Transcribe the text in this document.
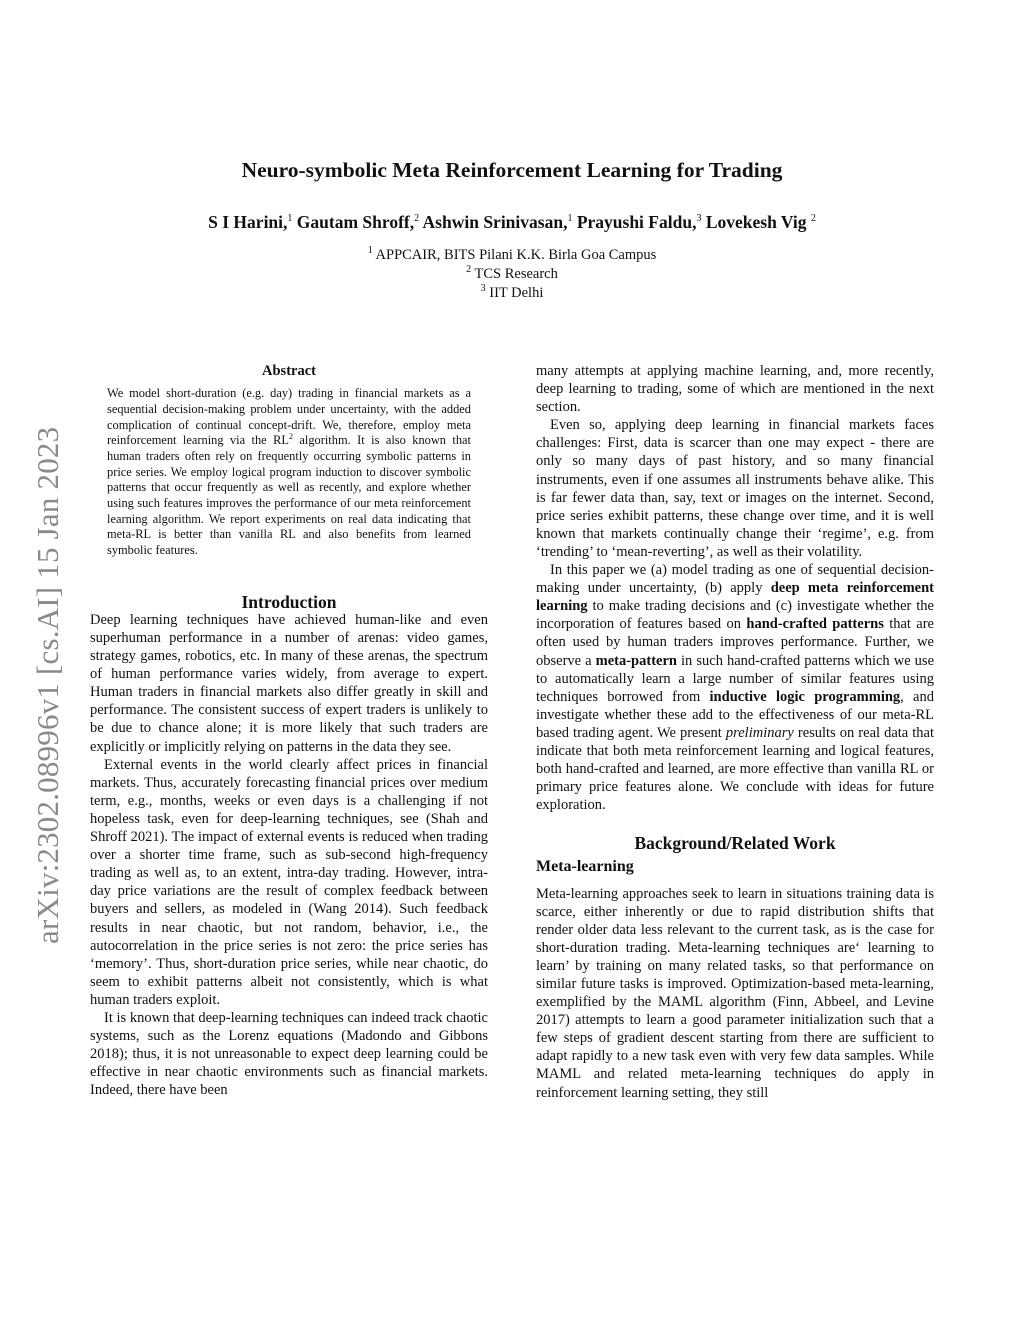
arXiv:2302.08996v1 [cs.AI] 15 Jan 2023
Neuro-symbolic Meta Reinforcement Learning for Trading
S I Harini,$^1$ Gautam Shroff,$^2$ Ashwin Srinivasan,$^1$ Prayushi Faldu,$^3$ Lovekesh Vig $^2$
$^1$ APPCAIR, BITS Pilani K.K. Birla Goa Campus
$^2$ TCS Research
$^3$ IIT Delhi
Abstract

We model short-duration (e.g. day) trading in financial markets as a sequential decision-making problem under uncertainty, with the added complication of continual concept-drift. We, therefore, employ meta reinforcement learning via the $RL^2$ algorithm. It is also known that human traders often rely on frequently occurring symbolic patterns in price series. We employ logical program induction to discover symbolic patterns that occur frequently as well as recently, and explore whether using such features improves the performance of our meta reinforcement learning algorithm. We report experiments on real data indicating that meta-RL is better than vanilla RL and also benefits from learned symbolic features.

Introduction

Deep learning techniques have achieved human-like and even superhuman performance in a number of arenas: video games, strategy games, robotics, etc. In many of these arenas, the spectrum of human performance varies widely, from average to expert. Human traders in financial markets also differ greatly in skill and performance. The consistent success of expert traders is unlikely to be due to chance alone; it is more likely that such traders are explicitly or implicitly relying on patterns in the data they see.

External events in the world clearly affect prices in financial markets. Thus, accurately forecasting financial prices over medium term, e.g., months, weeks or even days is a challenging if not hopeless task, even for deep-learning techniques, see (Shah and Shroff 2021). The impact of external events is reduced when trading over a shorter time frame, such as sub-second high-frequency trading as well as, to an extent, intra-day trading. However, intra-day price variations are the result of complex feedback between buyers and sellers, as modeled in (Wang 2014). Such feedback results in near chaotic, but not random, behavior, i.e., the autocorrelation in the price series is not zero: the price series has ‘memory’. Thus, short-duration price series, while near chaotic, do seem to exhibit patterns albeit not consistently, which is what human traders exploit.

It is known that deep-learning techniques can indeed track chaotic systems, such as the Lorenz equations (Madondo and Gibbons 2018); thus, it is not unreasonable to expect deep learning could be effective in near chaotic environments such as financial markets. Indeed, there have been

many attempts at applying machine learning, and, more recently, deep learning to trading, some of which are mentioned in the next section.

Even so, applying deep learning in financial markets faces challenges: First, data is scarcer than one may expect - there are only so many days of past history, and so many financial instruments, even if one assumes all instruments behave alike. This is far fewer data than, say, text or images on the internet. Second, price series exhibit patterns, these change over time, and it is well known that markets continually change their ‘regime’, e.g. from ‘trending’ to ‘mean-reverting’, as well as their volatility.

In this paper we (a) model trading as one of sequential decision-making under uncertainty, (b) apply deep meta reinforcement learning to make trading decisions and (c) investigate whether the incorporation of features based on hand-crafted patterns that are often used by human traders improves performance. Further, we observe a meta-pattern in such hand-crafted patterns which we use to automatically learn a large number of similar features using techniques borrowed from inductive logic programming, and investigate whether these add to the effectiveness of our meta-RL based trading agent. We present preliminary results on real data that indicate that both meta reinforcement learning and logical features, both hand-crafted and learned, are more effective than vanilla RL or primary price features alone. We conclude with ideas for future exploration.

Background/Related Work
Meta-learning

Meta-learning approaches seek to learn in situations training data is scarce, either inherently or due to rapid distribution shifts that render older data less relevant to the current task, as is the case for short-duration trading. Meta-learning techniques are‘ learning to learn’ by training on many related tasks, so that performance on similar future tasks is improved. Optimization-based meta-learning, exemplified by the MAML algorithm (Finn, Abbeel, and Levine 2017) attempts to learn a good parameter initialization such that a few steps of gradient descent starting from there are sufficient to adapt rapidly to a new task even with very few data samples. While MAML and related meta-learning techniques do apply in reinforcement learning setting, they still
